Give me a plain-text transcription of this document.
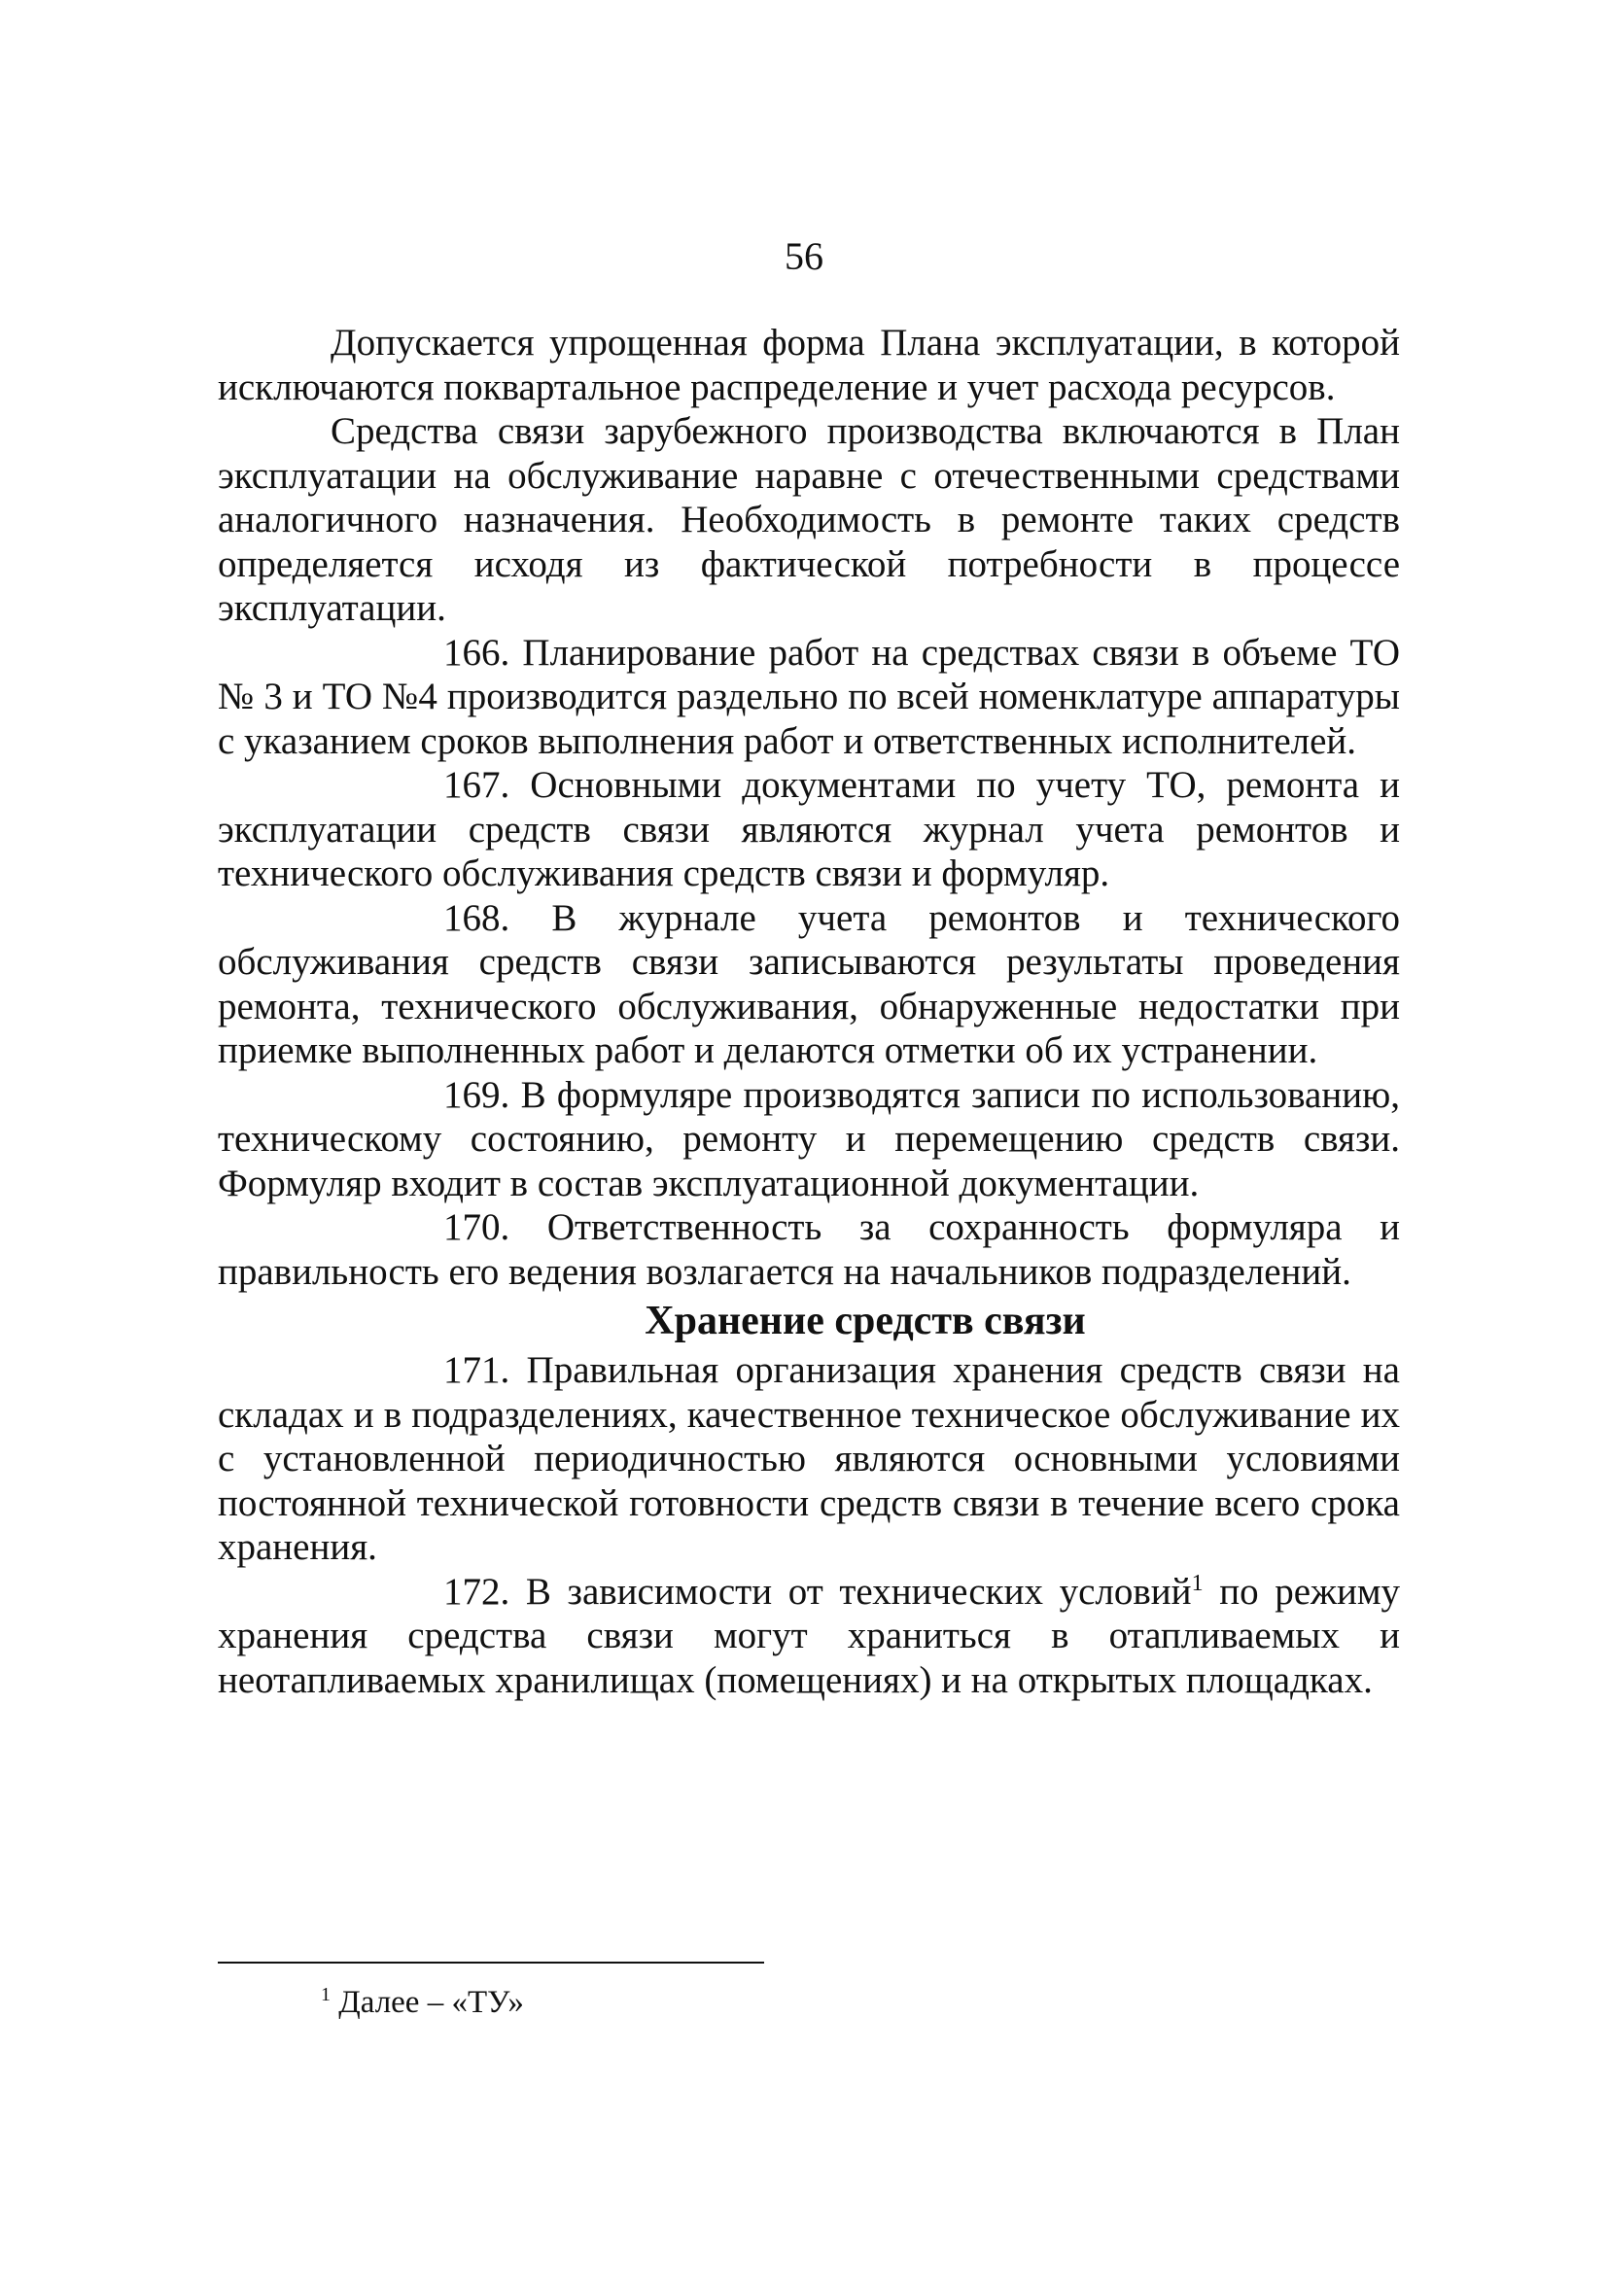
56

Допускается упрощенная форма Плана эксплуатации, в которой исключаются поквартальное распределение и учет расхода ресурсов.

Средства связи зарубежного производства включаются в План эксплуатации на обслуживание наравне с отечественными средствами аналогичного назначения. Необходимость в ремонте таких средств определяется исходя из фактической потребности в процессе эксплуатации.

166. Планирование работ на средствах связи в объеме ТО № 3 и ТО №4 производится раздельно по всей номенклатуре аппаратуры с указанием сроков выполнения работ и ответственных исполнителей.

167. Основными документами по учету ТО, ремонта и эксплуатации средств связи являются журнал учета ремонтов и технического обслуживания средств связи и формуляр.

168. В журнале учета ремонтов и технического обслуживания средств связи записываются результаты проведения ремонта, технического обслуживания, обнаруженные недостатки при приемке выполненных работ и делаются отметки об их устранении.

169. В формуляре производятся записи по использованию, техническому состоянию, ремонту и перемещению средств связи. Формуляр входит в состав эксплуатационной документации.

170. Ответственность за сохранность формуляра и правильность его ведения возлагается на начальников подразделений.

Хранение средств связи

171. Правильная организация хранения средств связи на складах и в подразделениях, качественное техническое обслуживание их с установленной периодичностью являются основными условиями постоянной технической готовности средств связи в течение всего срока хранения.

172. В зависимости от технических условий$^1$ по режиму хранения средства связи могут храниться в отапливаемых и неотапливаемых хранилищах (помещениях) и на открытых площадках.

$^1$ Далее – «ТУ»
